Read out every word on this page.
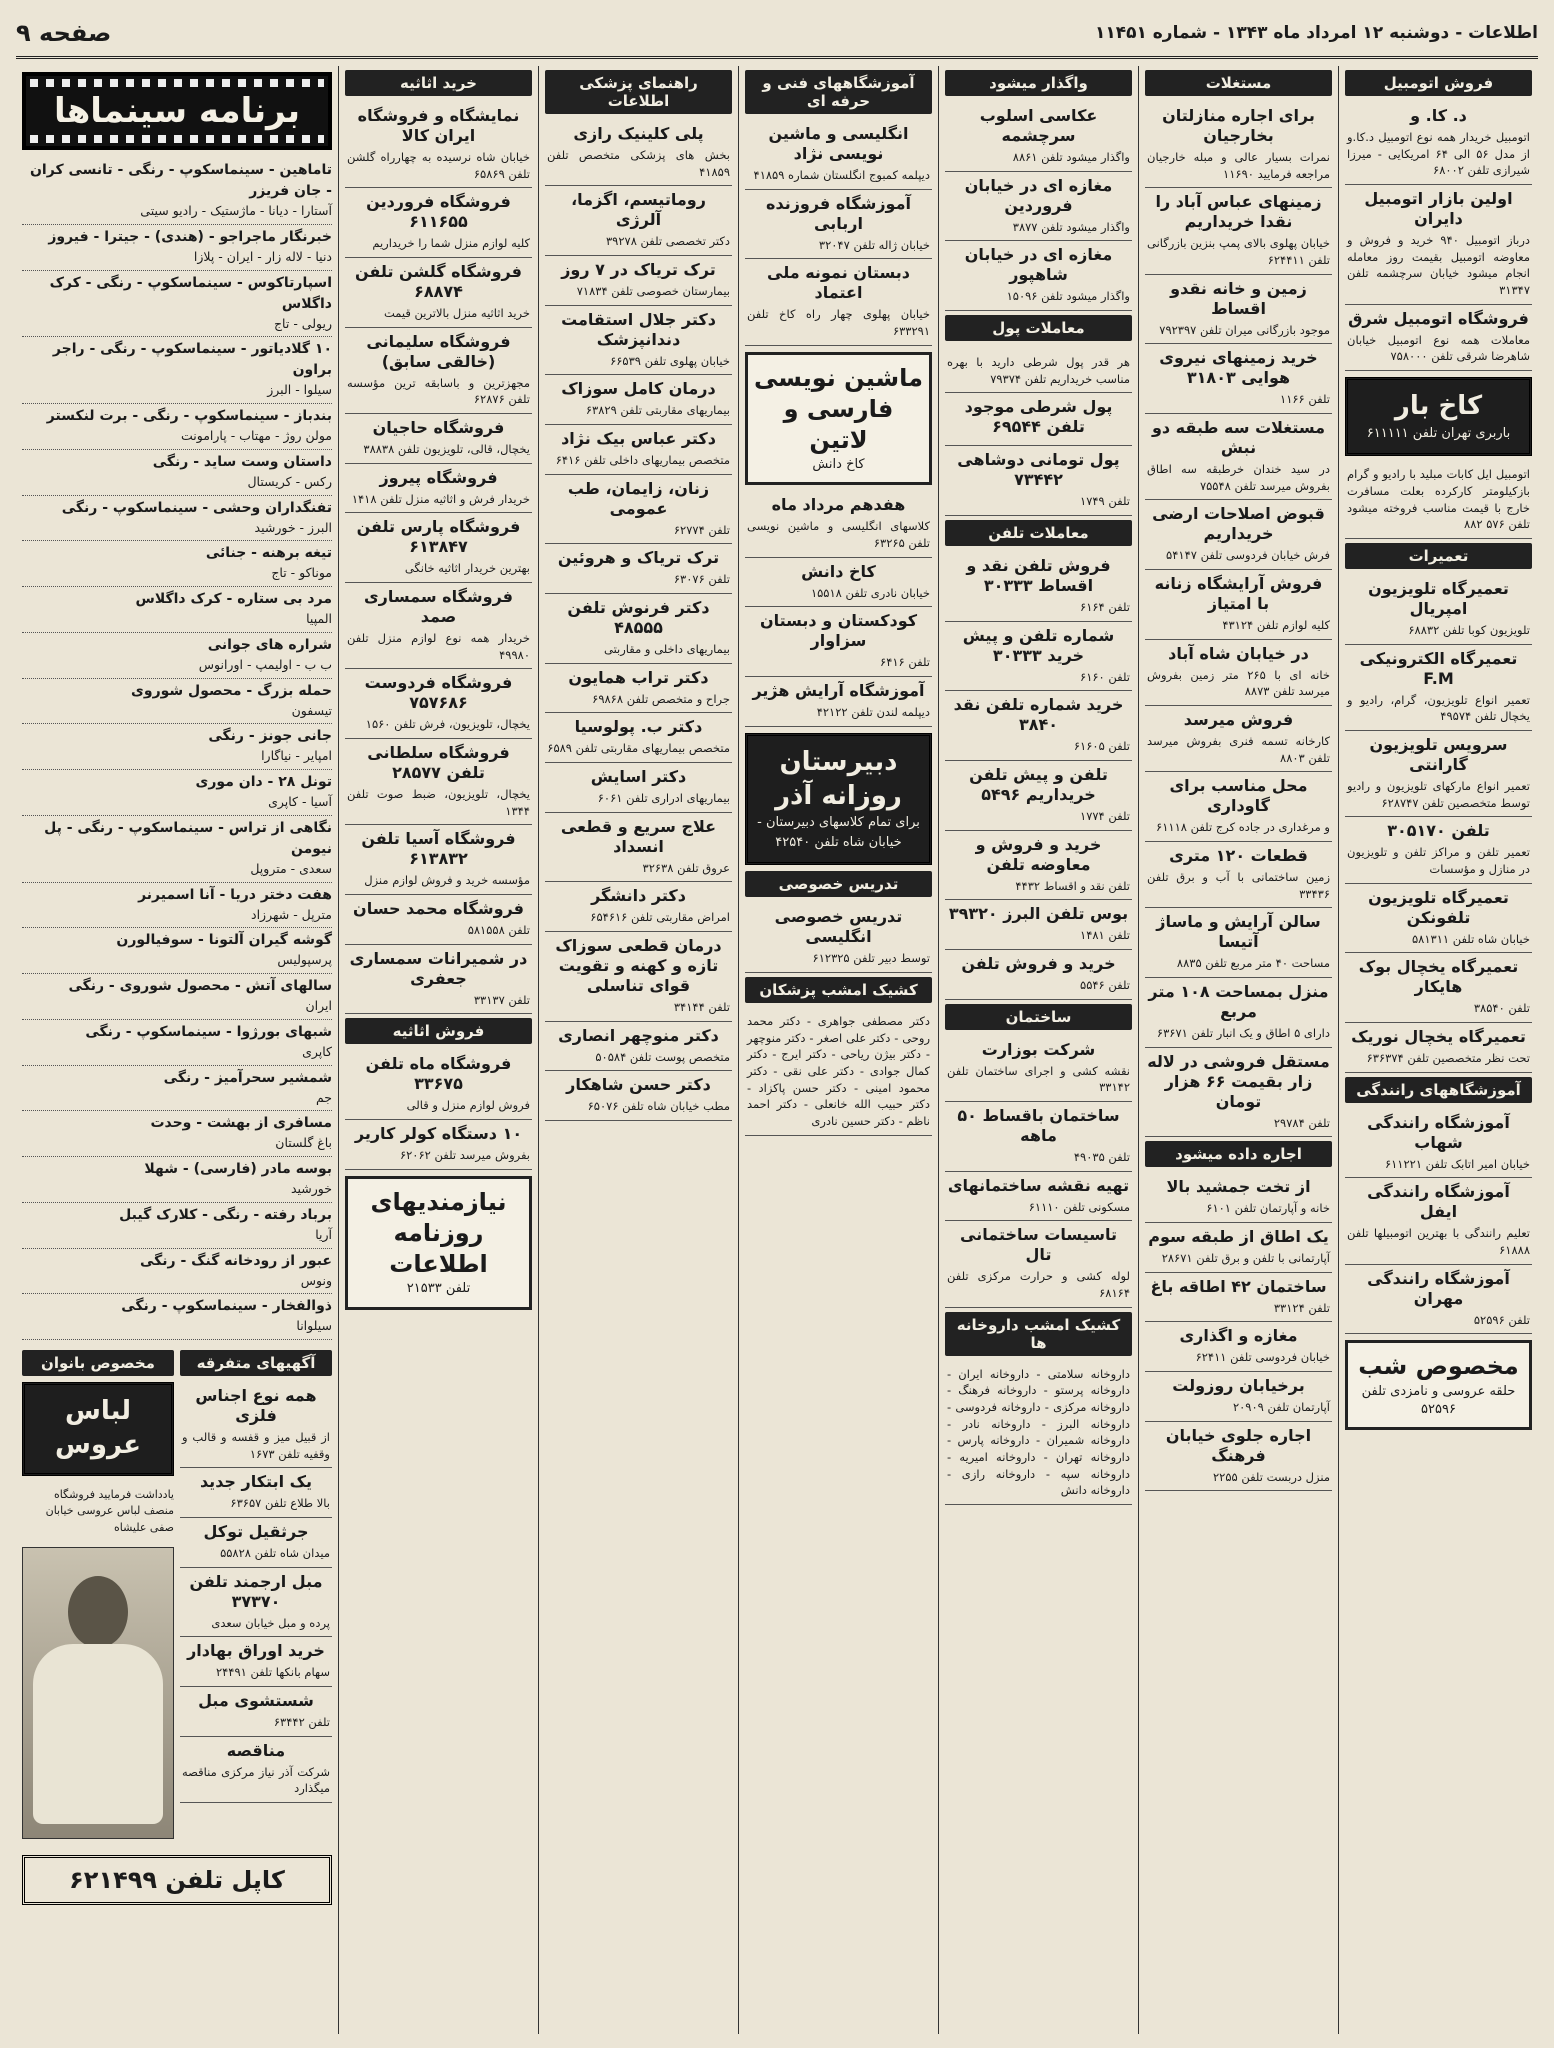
اطلاعات - دوشنبه ۱۲ امرداد ماه ۱۳۴۳ - شماره ۱۱۴۵۱
صفحه ۹
فروش اتومبیل
د. کا. و

اتومبیل خریدار همه نوع اتومبیل د.کا.و از مدل ۵۶ الی ۶۴ امریکایی - میرزا شیرازی تلفن ۶۸۰۰۲

اولین بازار اتومبیل دایران

درباز اتومبیل ۹۴۰ خرید و فروش و معاوضه اتومبیل بقیمت روز معامله انجام میشود خیابان سرچشمه تلفن ۳۱۳۴۷

فروشگاه اتومبیل شرق

معاملات همه نوع اتومبیل خیابان شاهرضا شرقی تلفن ۷۵۸۰۰۰

کاخ بار
باربری تهران تلفن ۶۱۱۱۱۱

اتومبیل ایل کابات مبلید با رادیو و گرام بازکیلومتر کارکرده بعلت مسافرت خارج با قیمت مناسب فروخته میشود تلفن ۵۷۶ ۸۸۲

تعمیرات
تعمیرگاه تلویزیون امپریال

تلویزیون کوبا تلفن ۶۸۸۳۲

تعمیرگاه الکترونیکی F.M

تعمیر انواع تلویزیون، گرام، رادیو و یخچال تلفن ۴۹۵۷۴

سرویس تلویزیون گارانتی

تعمیر انواع مارکهای تلویزیون و رادیو توسط متخصصین تلفن ۶۲۸۷۴۷

تلفن ۳۰۵۱۷۰

تعمیر تلفن و مراکز تلفن و تلویزیون در منازل و مؤسسات

تعمیرگاه تلویزیون تلفونکن

خیابان شاه تلفن ۵۸۱۳۱۱

تعمیرگاه یخچال بوک هایکار

تلفن ۳۸۵۴۰

تعمیرگاه یخچال نوریک

تحت نظر متخصصین تلفن ۶۳۶۳۷۴

آموزشگاههای رانندگی
آموزشگاه رانندگی شهاب

خیابان امیر اتابک تلفن ۶۱۱۲۲۱

آموزشگاه رانندگی ایفل

تعلیم رانندگی با بهترین اتومبیلها تلفن ۶۱۸۸۸

آموزشگاه رانندگی مهران

تلفن ۵۲۵۹۶

مخصوص شب
حلقه عروسی و نامزدی تلفن ۵۲۵۹۶
مستغلات
برای اجاره منازلتان بخارجیان

نمرات بسیار عالی و مبله خارجیان مراجعه فرمایید ۱۱۶۹۰

زمینهای عباس آباد را نقدا خریداریم

خیابان پهلوی بالای پمپ بنزین بازرگانی تلفن ۶۲۴۴۱۱

زمین و خانه نقدو اقساط

موجود بازرگانی میران تلفن ۷۹۲۳۹۷

خرید زمینهای نیروی هوایی ۳۱۸۰۳

تلفن ۱۱۶۶

مستغلات سه طبقه دو نبش

در سید خندان خرطبقه سه اطاق بفروش میرسد تلفن ۷۵۵۴۸

قبوض اصلاحات ارضی خریداریم

فرش خیابان فردوسی تلفن ۵۴۱۴۷

فروش آرایشگاه زنانه با امتیاز

کلیه لوازم تلفن ۴۳۱۲۴

در خیابان شاه آباد

خانه ای با ۲۶۵ متر زمین بفروش میرسد تلفن ۸۸۷۳

فروش میرسد

کارخانه تسمه فنری بفروش میرسد تلفن ۸۸۰۳

محل مناسب برای گاوداری

و مرغداری در جاده کرج تلفن ۶۱۱۱۸

قطعات ۱۲۰ متری

زمین ساختمانی با آب و برق تلفن ۳۳۴۳۶

سالن آرایش و ماساژ آتیسا

مساحت ۴۰ متر مربع تلفن ۸۸۳۵

منزل بمساحت ۱۰۸ متر مربع

دارای ۵ اطاق و یک انبار تلفن ۶۳۶۷۱

مستقل فروشی در لاله زار بقیمت ۶۶ هزار تومان

تلفن ۲۹۷۸۴

اجاره داده میشود
از تخت جمشید بالا

خانه و آپارتمان تلفن ۶۱۰۱

یک اطاق از طبقه سوم

آپارتمانی با تلفن و برق تلفن ۲۸۶۷۱

ساختمان ۴۲ اطاقه باغ

تلفن ۳۳۱۲۴

مغازه و اگذاری

خیابان فردوسی تلفن ۶۲۴۱۱

برخیابان روزولت

آپارتمان تلفن ۲۰۹۰۹

اجاره جلوی خیابان فرهنگ

منزل دربست تلفن ۲۲۵۵

واگذار میشود
عکاسی اسلوب سرچشمه

واگذار میشود تلفن ۸۸۶۱

مغازه ای در خیابان فروردین

واگذار میشود تلفن ۳۸۷۷

مغازه ای در خیابان شاهپور

واگذار میشود تلفن ۱۵۰۹۶

معاملات پول

هر قدر پول شرطی دارید با بهره مناسب خریداریم تلفن ۷۹۳۷۴

پول شرطی موجود تلفن ۶۹۵۴۴

پول تومانی دوشاهی ۷۳۴۴۲

تلفن ۱۷۴۹

معاملات تلفن
فروش تلفن نقد و اقساط ۳۰۳۳۳

تلفن ۶۱۶۴

شماره تلفن و پیش خرید ۳۰۳۳۳

تلفن ۶۱۶۰

خرید شماره تلفن نقد ۳۸۴۰

تلفن ۶۱۶۰۵

تلفن و پیش تلفن خریداریم ۵۴۹۶

تلفن ۱۷۷۴

خرید و فروش و معاوضه تلفن

تلفن نقد و اقساط ۴۴۳۲

بوس تلفن البرز ۳۹۳۲۰

تلفن ۱۴۸۱

خرید و فروش تلفن

تلفن ۵۵۴۶

ساختمان
شرکت بوزارت

نقشه کشی و اجرای ساختمان تلفن ۳۳۱۴۲

ساختمان باقساط ۵۰ ماهه

تلفن ۴۹۰۳۵

تهیه نقشه ساختمانهای

مسکونی تلفن ۶۱۱۱۰

تاسیسات ساختمانی تال

لوله کشی و حرارت مرکزی تلفن ۶۸۱۶۴

کشیک امشب داروخانه ها

داروخانه سلامتی - داروخانه ایران - داروخانه پرستو - داروخانه فرهنگ - داروخانه مرکزی - داروخانه فردوسی - داروخانه البرز - داروخانه نادر - داروخانه شمیران - داروخانه پارس - داروخانه تهران - داروخانه امیریه - داروخانه سپه - داروخانه رازی - داروخانه دانش

آموزشگاههای فنی و حرفه ای
انگلیسی و ماشین نویسی نژاد

دیپلمه کمبوج انگلستان شماره ۴۱۸۵۹

آموزشگاه فروزنده اربابی

خیابان ژاله تلفن ۳۲۰۴۷

دبستان نمونه ملی اعتماد

خیابان پهلوی چهار راه کاخ تلفن ۶۳۳۲۹۱

ماشین نویسی فارسی و لاتین
کاخ دانش
هفدهم مرداد ماه

کلاسهای انگلیسی و ماشین نویسی تلفن ۶۳۲۶۵

کاخ دانش

خیابان نادری تلفن ۱۵۵۱۸

کودکستان و دبستان سزاوار

تلفن ۶۴۱۶

آموزشگاه آرایش هژیر

دیپلمه لندن تلفن ۴۲۱۲۲

دبیرستان روزانه آذر
برای تمام کلاسهای دبیرستان - خیابان شاه تلفن ۴۲۵۴۰
تدریس خصوصی
تدریس خصوصی انگلیسی

توسط دبیر تلفن ۶۱۲۳۲۵

کشیک امشب پزشکان

دکتر مصطفی جواهری - دکتر محمد روحی - دکتر علی اصغر - دکتر منوچهر - دکتر بیژن ریاحی - دکتر ایرج - دکتر کمال جوادی - دکتر علی نقی - دکتر محمود امینی - دکتر حسن پاکزاد - دکتر حبیب الله خانعلی - دکتر احمد ناظم - دکتر حسین نادری

راهنمای پزشکی اطلاعات
پلی کلینیک رازی

بخش های پزشکی متخصص تلفن ۴۱۸۵۹

روماتیسم، اگزما، آلرژی

دکتر تخصصی تلفن ۳۹۲۷۸

ترک تریاک در ۷ روز

بیمارستان خصوصی تلفن ۷۱۸۳۴

دکتر جلال استقامت دندانپزشک

خیابان پهلوی تلفن ۶۶۵۳۹

درمان کامل سوزاک

بیماریهای مقاربتی تلفن ۶۳۸۲۹

دکتر عباس بیک نژاد

متخصص بیماریهای داخلی تلفن ۶۴۱۶

زنان، زایمان، طب عمومی

تلفن ۶۲۷۷۴

ترک تریاک و هروئین

تلفن ۶۳۰۷۶

دکتر فرنوش تلفن ۴۸۵۵۵

بیماریهای داخلی و مقاربتی

دکتر تراب همایون

جراح و متخصص تلفن ۶۹۸۶۸

دکتر ب. پولوسیا

متخصص بیماریهای مقاربتی تلفن ۶۵۸۹

دکتر اسایش

بیماریهای ادراری تلفن ۶۰۶۱

علاج سریع و قطعی انسداد

عروق تلفن ۳۲۶۳۸

دکتر دانشگر

امراض مقاربتی تلفن ۶۵۴۶۱۶

درمان قطعی سوزاک تازه و کهنه و تقویت قوای تناسلی

تلفن ۳۴۱۴۴

دکتر منوچهر انصاری

متخصص پوست تلفن ۵۰۵۸۴

دکتر حسن شاهکار

مطب خیابان شاه تلفن ۶۵۰۷۶

خرید اثاثیه
نمایشگاه و فروشگاه ایران کالا

خیابان شاه نرسیده به چهارراه گلشن تلفن ۶۵۸۶۹

فروشگاه فروردین ۶۱۱۶۵۵

کلیه لوازم منزل شما را خریداریم

فروشگاه گلشن تلفن ۶۸۸۷۴

خرید اثاثیه منزل بالاترین قیمت

فروشگاه سلیمانی (خالقی سابق)

مجهزترین و باسابقه ترین مؤسسه تلفن ۶۲۸۷۶

فروشگاه حاجیان

یخچال، قالی، تلویزیون تلفن ۳۸۸۳۸

فروشگاه پیروز

خریدار فرش و اثاثیه منزل تلفن ۱۴۱۸

فروشگاه پارس تلفن ۶۱۳۸۴۷

بهترین خریدار اثاثیه خانگی

فروشگاه سمساری صمد

خریدار همه نوع لوازم منزل تلفن ۴۹۹۸۰

فروشگاه فردوست ۷۵۷۶۸۶

یخچال، تلویزیون، فرش تلفن ۱۵۶۰

فروشگاه سلطانی تلفن ۲۸۵۷۷

یخچال، تلویزیون، ضبط صوت تلفن ۱۳۴۴

فروشگاه آسیا تلفن ۶۱۳۸۳۲

مؤسسه خرید و فروش لوازم منزل

فروشگاه محمد حسان

تلفن ۵۸۱۵۵۸

در شمیرانات سمساری جعفری

تلفن ۳۳۱۳۷

فروش اثاثیه
فروشگاه ماه تلفن ۳۳۶۷۵

فروش لوازم منزل و قالی

۱۰ دستگاه کولر کاریر

بفروش میرسد تلفن ۶۲۰۶۲

نیازمندیهای روزنامه اطلاعات
تلفن ۲۱۵۳۳
برنامه سینماها
تاماهین - سینماسکوپ - رنگی - تانسی کران - جان فریزر
آستارا - دیانا - ماژستیک - رادیو سیتی
خبرنگار ماجراجو - (هندی) - جیترا - فیروز
دنیا - لاله زار - ایران - پلازا
اسپارتاکوس - سینماسکوپ - رنگی - کرک داگلاس
ریولی - تاج
۱۰ گلادیاتور - سینماسکوپ - رنگی - راجر براون
سیلوا - البرز
بندباز - سینماسکوپ - رنگی - برت لنکستر
مولن روژ - مهتاب - پارامونت
داستان وست ساید - رنگی
رکس - کریستال
تفنگداران وحشی - سینماسکوپ - رنگی
البرز - خورشید
تیغه برهنه - جنائی
موناکو - تاج
مرد بی ستاره - کرک داگلاس
المپیا
شراره های جوانی
ب ب - اولیمپ - اورانوس
حمله بزرگ - محصول شوروی
تیسفون
جانی جونز - رنگی
امپایر - نیاگارا
تونل ۲۸ - دان موری
آسیا - کاپری
نگاهی از تراس - سینماسکوپ - رنگی - پل نیومن
سعدی - متروپل
هفت دختر دریا - آنا اسمیرنر
مترپل - شهرزاد
گوشه گیران آلتونا - سوفیالورن
پرسپولیس
سالهای آتش - محصول شوروی - رنگی
ایران
شبهای بورژوا - سینماسکوپ - رنگی
کاپری
شمشیر سحرآمیز - رنگی
جم
مسافری از بهشت - وحدت
باغ گلستان
بوسه مادر (فارسی) - شهلا
خورشید
برباد رفته - رنگی - کلارک گیبل
آریا
عبور از رودخانه گنگ - رنگی
ونوس
ذوالفخار - سینماسکوپ - رنگی
سیلوانا
آگهیهای متفرقه
همه نوع اجناس فلزی

از قبیل میز و قفسه و قالب و وقفیه تلفن ۱۶۷۳

یک ابتکار جدید

بالا طلاع تلفن ۶۳۶۵۷

جرثقیل توکل

میدان شاه تلفن ۵۵۸۲۸

مبل ارجمند تلفن ۳۷۳۷۰

پرده و مبل خیابان سعدی

خرید اوراق بهادار

سهام بانکها تلفن ۲۴۴۹۱

شستشوی مبل

تلفن ۶۳۴۴۲

مناقصه

شرکت آذر نیاز مرکزی مناقصه میگذارد

مخصوص بانوان
لباس عروس

یادداشت فرمایید فروشگاه منصف لباس عروسی خیابان صفی علیشاه

کاپل تلفن ۶۲۱۴۹۹
